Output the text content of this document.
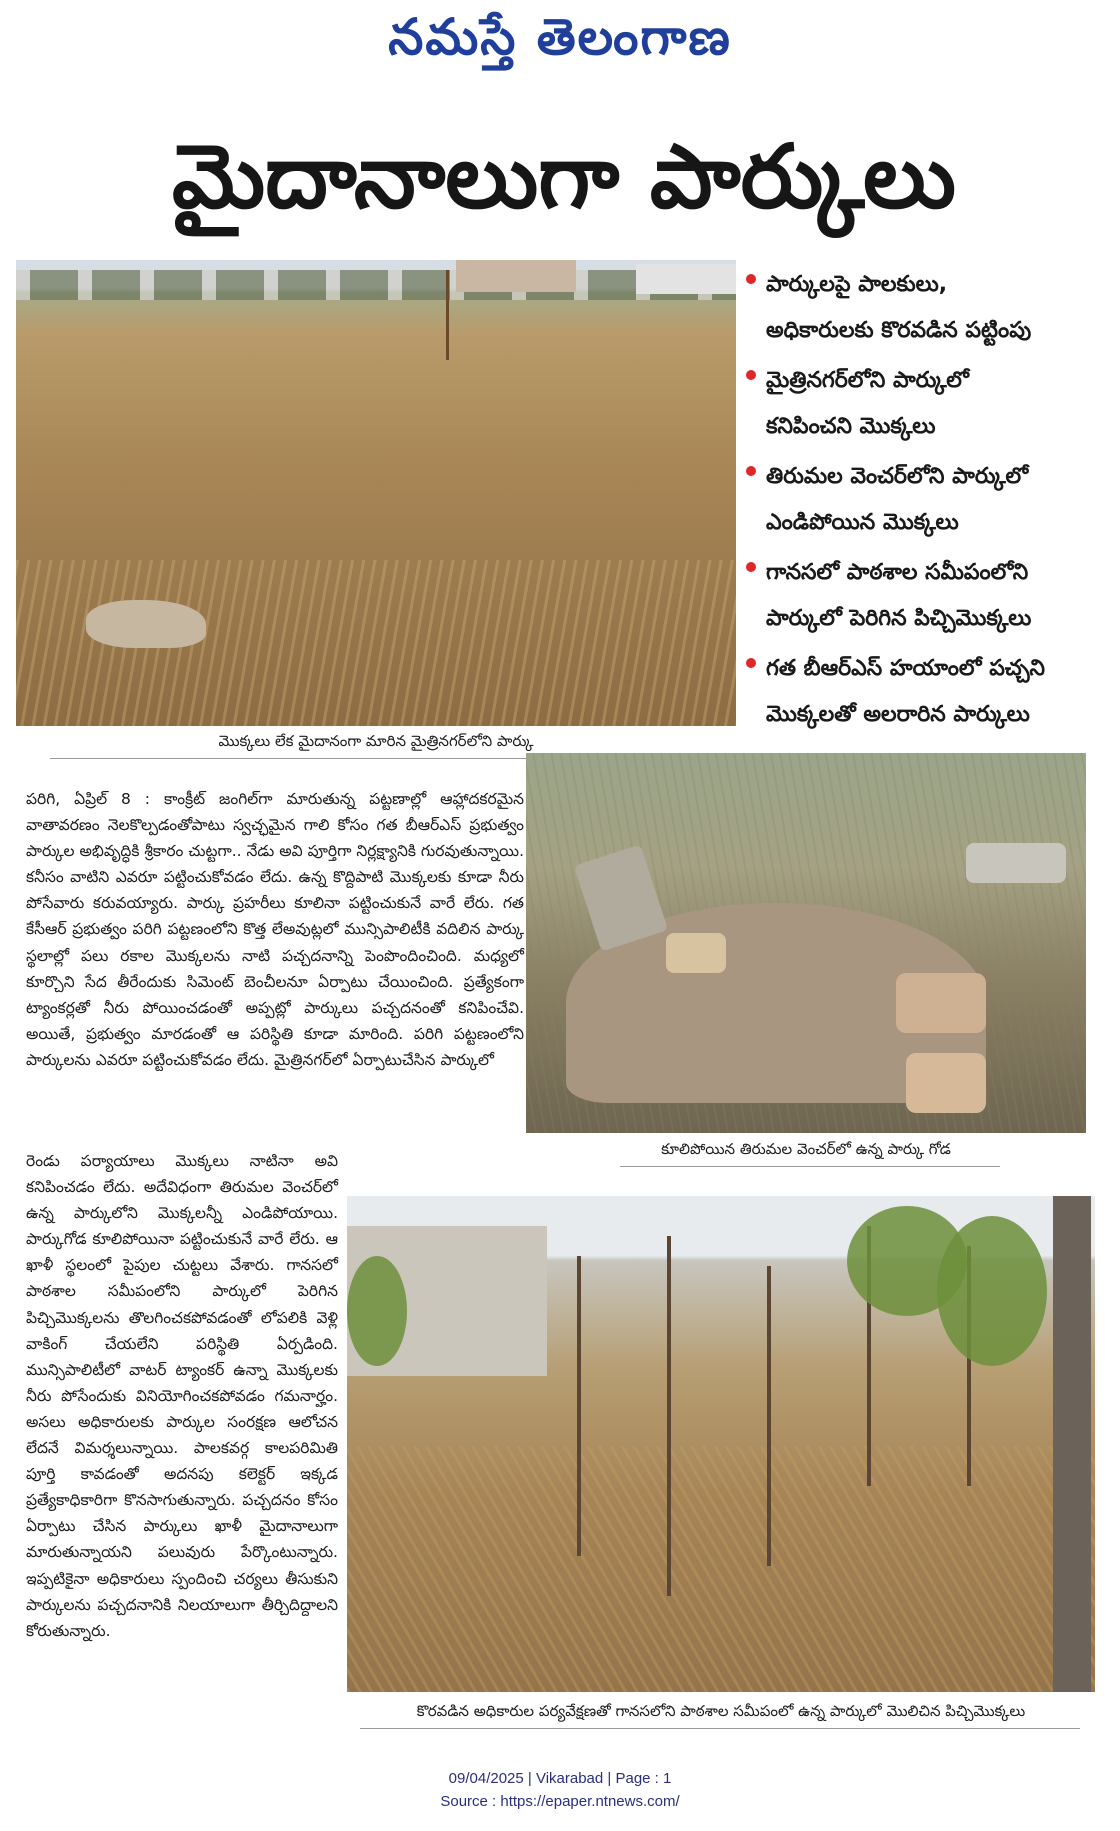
నమస్తే తెలంగాణ
మైదానాలుగా పార్కులు
మొక్కలు లేక మైదానంగా మారిన మైత్రినగర్‌లోని పార్కు
పార్కులపై పాలకులు,
అధికారులకు కొరవడిన పట్టింపు
మైత్రినగర్‌లోని పార్కులో
కనిపించని మొక్కలు
తిరుమల వెంచర్‌లోని పార్కులో
ఎండిపోయిన మొక్కలు
గానసలో పాఠశాల సమీపంలోని
పార్కులో పెరిగిన పిచ్చిమొక్కలు
గత బీఆర్‌ఎస్ హయాంలో పచ్చని
మొక్కలతో అలరారిన పార్కులు
కూలిపోయిన తిరుమల వెంచర్‌లో ఉన్న పార్కు గోడ

పరిగి, ఏప్రిల్ 8 : కాంక్రీట్ జంగిల్‌గా మారుతున్న పట్టణాల్లో ఆహ్లాదకరమైన వాతావరణం నెలకొల్పడంతోపాటు స్వచ్ఛమైన గాలి కోసం గత బీఆర్‌ఎస్ ప్రభుత్వం పార్కుల అభివృద్ధికి శ్రీకారం చుట్టగా.. నేడు అవి పూర్తిగా నిర్లక్ష్యానికి గురవుతున్నాయి. కనీసం వాటిని ఎవరూ పట్టించుకోవడం లేదు. ఉన్న కొద్దిపాటి మొక్కలకు కూడా నీరు పోసేవారు కరువయ్యారు. పార్కు ప్రహరీలు కూలినా పట్టించుకునే వారే లేరు. గత కేసీఆర్ ప్రభుత్వం పరిగి పట్టణంలోని కొత్త లేఅవుట్లలో మున్సిపాలిటీకి వదిలిన పార్కు స్థలాల్లో పలు రకాల మొక్కలను నాటి పచ్చదనాన్ని పెంపొందించింది. మధ్యలో కూర్చొని సేద తీరేందుకు సిమెంట్ బెంచీలనూ ఏర్పాటు చేయించింది. ప్రత్యేకంగా ట్యాంకర్లతో నీరు పోయించడంతో అప్పట్లో పార్కులు పచ్చదనంతో కనిపించేవి. అయితే, ప్రభుత్వం మారడంతో ఆ పరిస్థితి కూడా మారింది. పరిగి పట్టణంలోని పార్కులను ఎవరూ పట్టించుకోవడం లేదు. మైత్రినగర్‌లో ఏర్పాటుచేసిన పార్కులో

రెండు పర్యాయాలు మొక్కలు నాటినా అవి కనిపించడం లేదు. అదేవిధంగా తిరుమల వెంచర్‌లో ఉన్న పార్కులోని మొక్కలన్నీ ఎండిపోయాయి. పార్కుగోడ కూలిపోయినా పట్టించుకునే వారే లేరు. ఆ ఖాళీ స్థలంలో పైపుల చుట్టలు వేశారు. గానసలో పాఠశాల సమీపంలోని పార్కులో పెరిగిన పిచ్చిమొక్కలను తొలగించకపోవడంతో లోపలికి వెళ్లి వాకింగ్ చేయలేని పరిస్థితి ఏర్పడింది. మున్సిపాలిటీలో వాటర్ ట్యాంకర్ ఉన్నా మొక్కలకు నీరు పోసేందుకు వినియోగించకపోవడం గమనార్హం. అసలు అధికారులకు పార్కుల సంరక్షణ ఆలోచన లేదనే విమర్శలున్నాయి. పాలకవర్గ కాలపరిమితి పూర్తి కావడంతో అదనపు కలెక్టర్ ఇక్కడ ప్రత్యేకాధికారిగా కొనసాగుతున్నారు. పచ్చదనం కోసం ఏర్పాటు చేసిన పార్కులు ఖాళీ మైదానాలుగా మారుతున్నాయని పలువురు పేర్కొంటున్నారు. ఇప్పటికైనా అధికారులు స్పందించి చర్యలు తీసుకుని పార్కులను పచ్చదనానికి నిలయాలుగా తీర్చిదిద్దాలని కోరుతున్నారు.

కొరవడిన అధికారుల పర్యవేక్షణతో గానసలోని పాఠశాల సమీపంలో ఉన్న పార్కులో మొలిచిన పిచ్చిమొక్కలు
09/04/2025 | Vikarabad | Page : 1
Source : https://epaper.ntnews.com/
